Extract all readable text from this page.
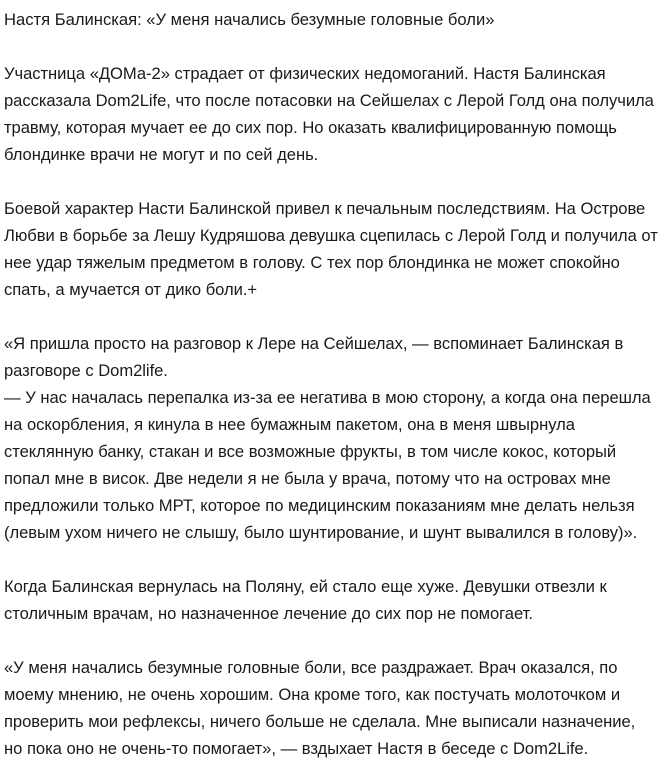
Настя Балинская: «У меня начались безумные головные боли»

Участница «ДОМа-2» страдает от физических недомоганий. Настя Балинская рассказала Dom2Life, что после потасовки на Сейшелах с Лерой Голд она получила травму, которая мучает ее до сих пор. Но оказать квалифицированную помощь блондинке врачи не могут и по сей день.

Боевой характер Насти Балинской привел к печальным последствиям. На Острове Любви в борьбе за Лешу Кудряшова девушка сцепилась с Лерой Голд и получила от нее удар тяжелым предметом в голову. С тех пор блондинка не может спокойно спать, а мучается от дико боли.+

«Я пришла просто на разговор к Лере на Сейшелах, — вспоминает Балинская в разговоре с Dom2life.
— У нас началась перепалка из-за ее негатива в мою сторону, а когда она перешла на оскорбления, я кинула в нее бумажным пакетом, она в меня швырнула стеклянную банку, стакан и все возможные фрукты, в том числе кокос, который попал мне в висок. Две недели я не была у врача, потому что на островах мне предложили только МРТ, которое по медицинским показаниям мне делать нельзя (левым ухом ничего не слышу, было шунтирование, и шунт вывалился в голову)».

Когда Балинская вернулась на Поляну, ей стало еще хуже. Девушки отвезли к столичным врачам, но назначенное лечение до сих пор не помогает.

«У меня начались безумные головные боли, все раздражает. Врач оказался, по моему мнению, не очень хорошим. Она кроме того, как постучать молоточком и проверить мои рефлексы, ничего больше не сделала. Мне выписали назначение, но пока оно не очень-то помогает», — вздыхает Настя в беседе с Dom2Life.
